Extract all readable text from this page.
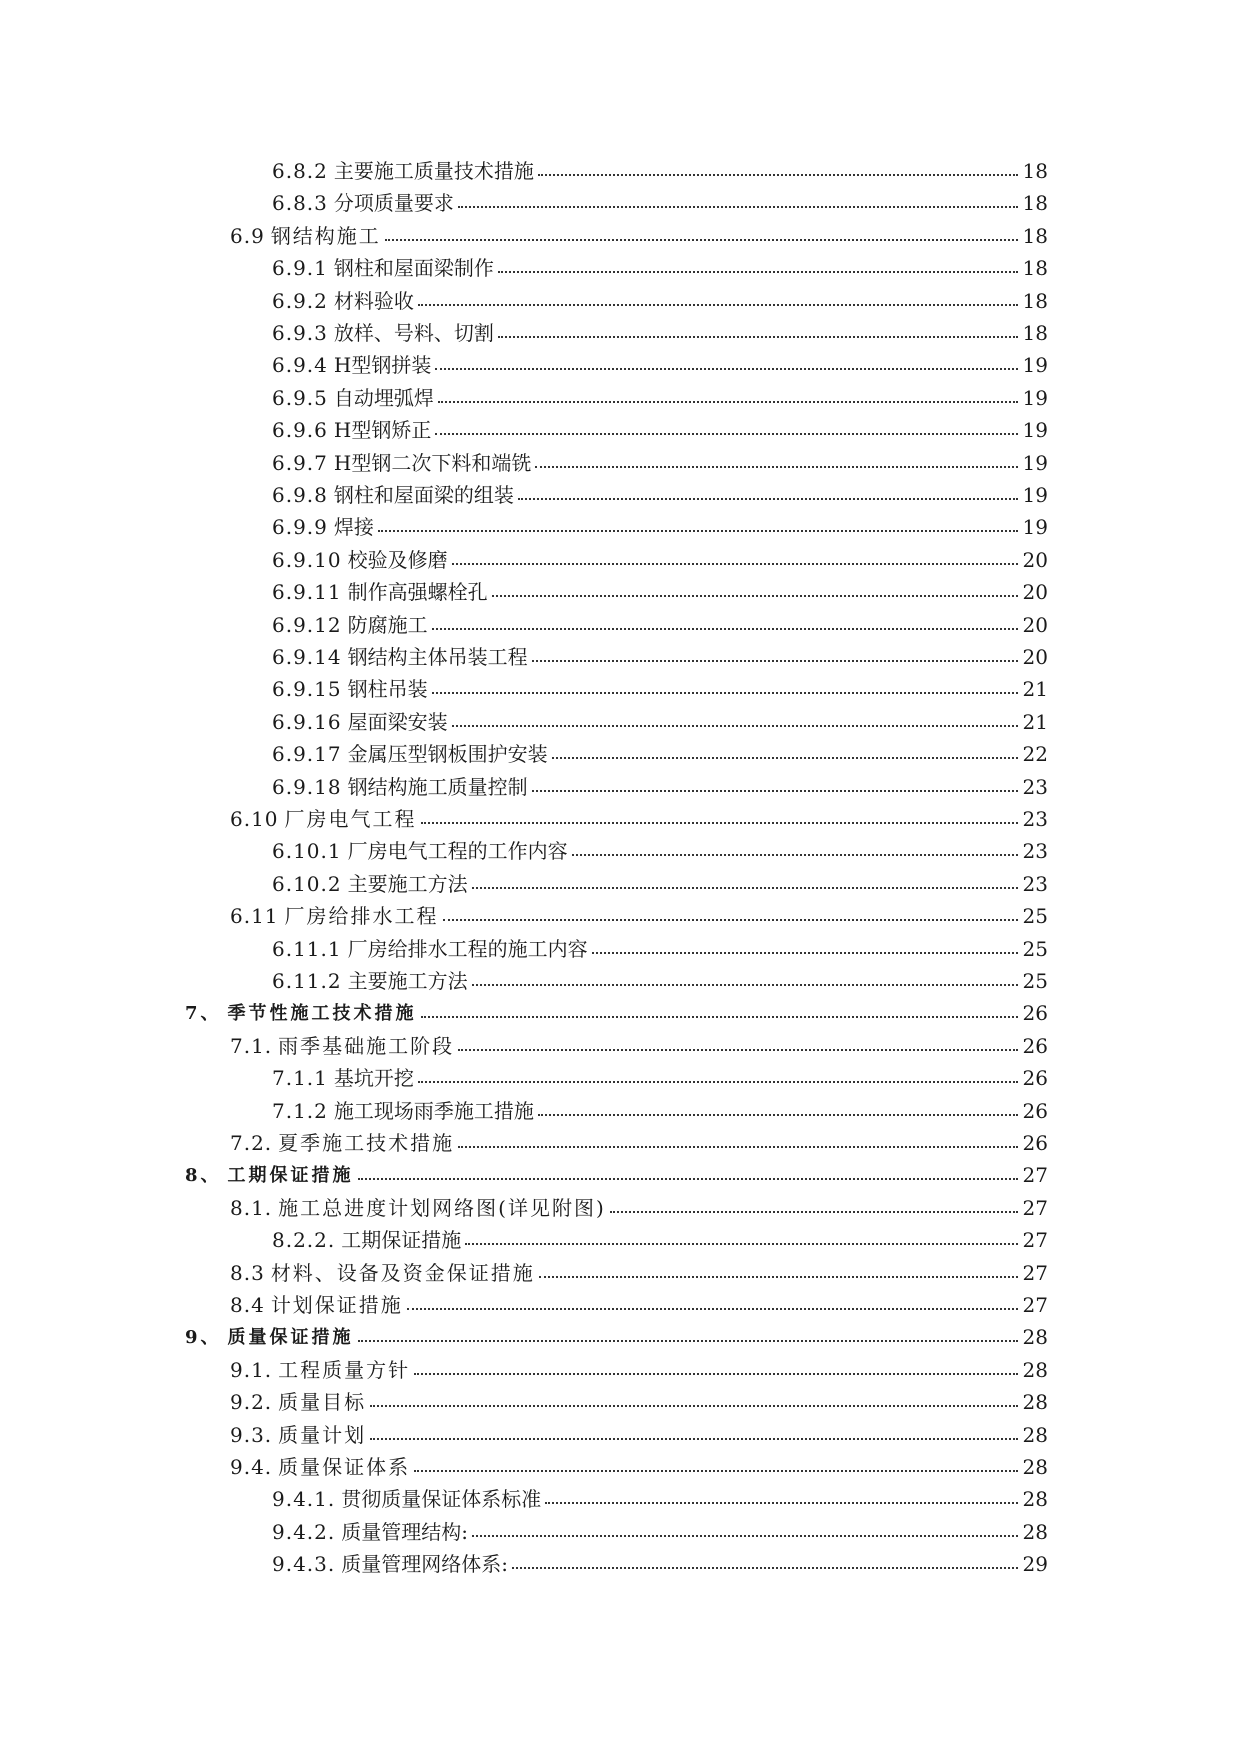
6.8.2 主要施工质量技术措施	18
6.8.3 分项质量要求	18
6.9 钢结构施工	18
6.9.1 钢柱和屋面梁制作	18
6.9.2 材料验收	18
6.9.3 放样、号料、切割	18
6.9.4 H型钢拼装	19
6.9.5 自动埋弧焊	19
6.9.6 H型钢矫正	19
6.9.7 H型钢二次下料和端铣	19
6.9.8 钢柱和屋面梁的组装	19
6.9.9 焊接	19
6.9.10 校验及修磨	20
6.9.11 制作高强螺栓孔	20
6.9.12 防腐施工	20
6.9.14 钢结构主体吊装工程	20
6.9.15 钢柱吊装	21
6.9.16 屋面梁安装	21
6.9.17 金属压型钢板围护安装	22
6.9.18 钢结构施工质量控制	23
6.10 厂房电气工程	23
6.10.1 厂房电气工程的工作内容	23
6.10.2 主要施工方法	23
6.11 厂房给排水工程	25
6.11.1 厂房给排水工程的施工内容	25
6.11.2 主要施工方法	25
7、 季节性施工技术措施	26
7.1. 雨季基础施工阶段	26
7.1.1 基坑开挖	26
7.1.2 施工现场雨季施工措施	26
7.2. 夏季施工技术措施	26
8、 工期保证措施	27
8.1. 施工总进度计划网络图(详见附图)	27
8.2.2. 工期保证措施	27
8.3 材料、设备及资金保证措施	27
8.4 计划保证措施	27
9、 质量保证措施	28
9.1. 工程质量方针	28
9.2. 质量目标	28
9.3. 质量计划	28
9.4. 质量保证体系	28
9.4.1. 贯彻质量保证体系标准	28
9.4.2. 质量管理结构:	28
9.4.3. 质量管理网络体系:	29
